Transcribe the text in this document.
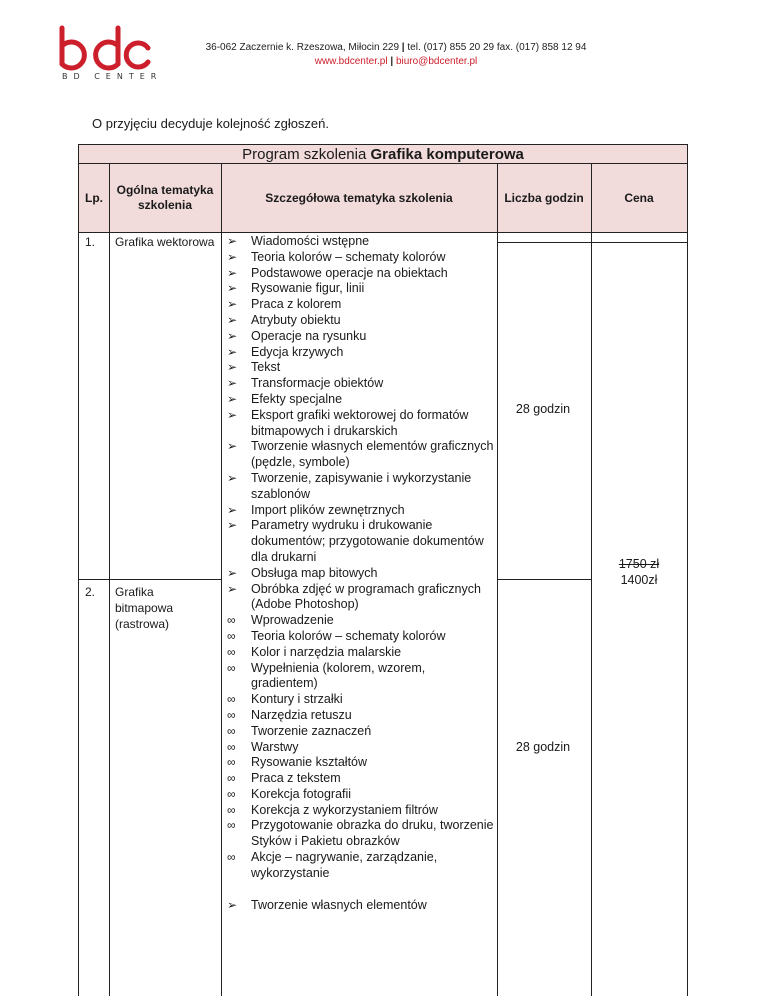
BD CENTER
36-062 Zaczernie k. Rzeszowa, Miłocin 229 | tel. (017) 855 20 29 fax. (017) 858 12 94
www.bdcenter.pl | biuro@bdcenter.pl
O przyjęciu decyduje kolejność zgłoszeń.
Program szkolenia Grafika komputerowa
Lp.
Ogólna tematyka szkolenia
Szczegółowa tematyka szkolenia	Liczba godzin	Cena
1. Grafika wektorowa
28 godzin
2. Grafika bitmapowa (rastrowa)
28 godzin
1750 zł
1400zł
➢ Wiadomości wstępne
➢ Teoria kolorów – schematy kolorów
➢ Podstawowe operacje na obiektach
➢ Rysowanie figur, linii
➢ Praca z kolorem
➢ Atrybuty obiektu
➢ Operacje na rysunku
➢ Edycja krzywych
➢ Tekst
➢ Transformacje obiektów
➢ Efekty specjalne
➢ Eksport grafiki wektorowej do formatów bitmapowych i drukarskich
➢ Tworzenie własnych elementów graficznych (pędzle, symbole)
➢ Tworzenie, zapisywanie i wykorzystanie szablonów
➢ Import plików zewnętrznych
➢ Parametry wydruku i drukowanie dokumentów; przygotowanie dokumentów dla drukarni
➢ Obsługa map bitowych
➢ Obróbka zdjęć w programach graficznych (Adobe Photoshop)
∞ Wprowadzenie
∞ Teoria kolorów – schematy kolorów
∞ Kolor i narzędzia malarskie
∞ Wypełnienia (kolorem, wzorem, gradientem)
∞ Kontury i strzałki
∞ Narzędzia retuszu
∞ Tworzenie zaznaczeń
∞ Warstwy
∞ Rysowanie kształtów
∞ Praca z tekstem
∞ Korekcja fotografii
∞ Korekcja z wykorzystaniem filtrów
∞ Przygotowanie obrazka do druku, tworzenie Styków i Pakietu obrazków
∞ Akcje – nagrywanie, zarządzanie, wykorzystanie
➢ Tworzenie własnych elementów
